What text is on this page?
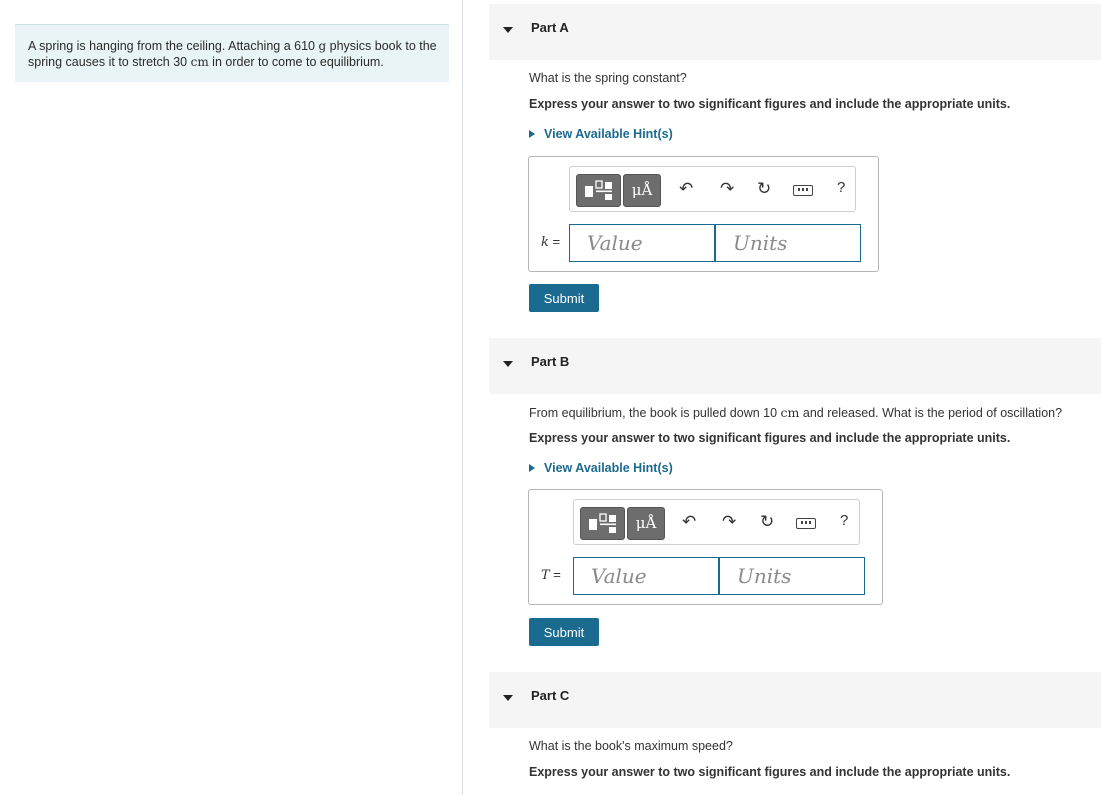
A spring is hanging from the ceiling. Attaching a 610 g physics book to the spring causes it to stretch 30 cm in order to come to equilibrium.
Part A
What is the spring constant?
Express your answer to two significant figures and include the appropriate units.
View Available Hint(s)
μÅ	↶ ↷ ↻	?
k =	Value	Units
Submit
Part B
From equilibrium, the book is pulled down 10 cm and released. What is the period of oscillation?
Express your answer to two significant figures and include the appropriate units.
View Available Hint(s)
μÅ	↶ ↷ ↻	?
T =	Value	Units
Submit
Part C
What is the book's maximum speed?
Express your answer to two significant figures and include the appropriate units.
